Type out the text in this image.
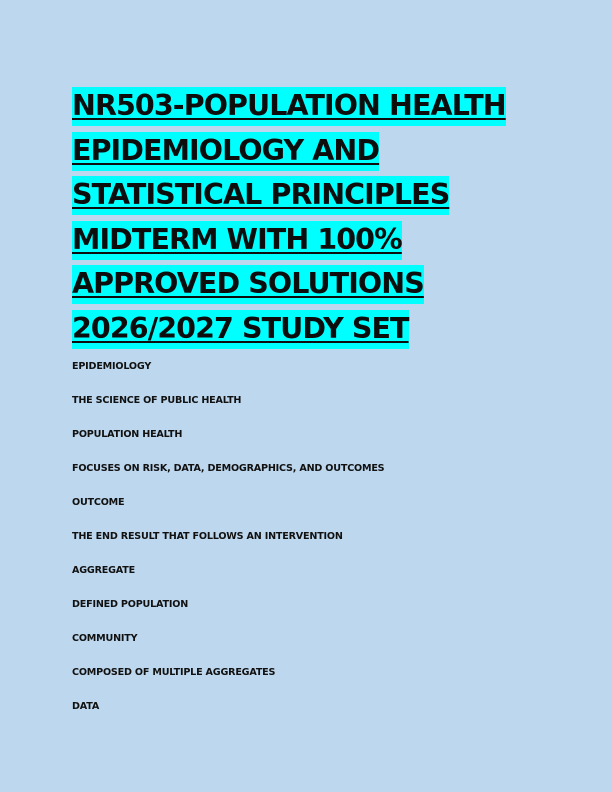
NR503-POPULATION HEALTH
EPIDEMIOLOGY AND
STATISTICAL PRINCIPLES
MIDTERM WITH 100%
APPROVED SOLUTIONS
2026/2027 STUDY SET
EPIDEMIOLOGY
THE SCIENCE OF PUBLIC HEALTH
POPULATION HEALTH
FOCUSES ON RISK, DATA, DEMOGRAPHICS, AND OUTCOMES
OUTCOME
THE END RESULT THAT FOLLOWS AN INTERVENTION
AGGREGATE
DEFINED POPULATION
COMMUNITY
COMPOSED OF MULTIPLE AGGREGATES
DATA
